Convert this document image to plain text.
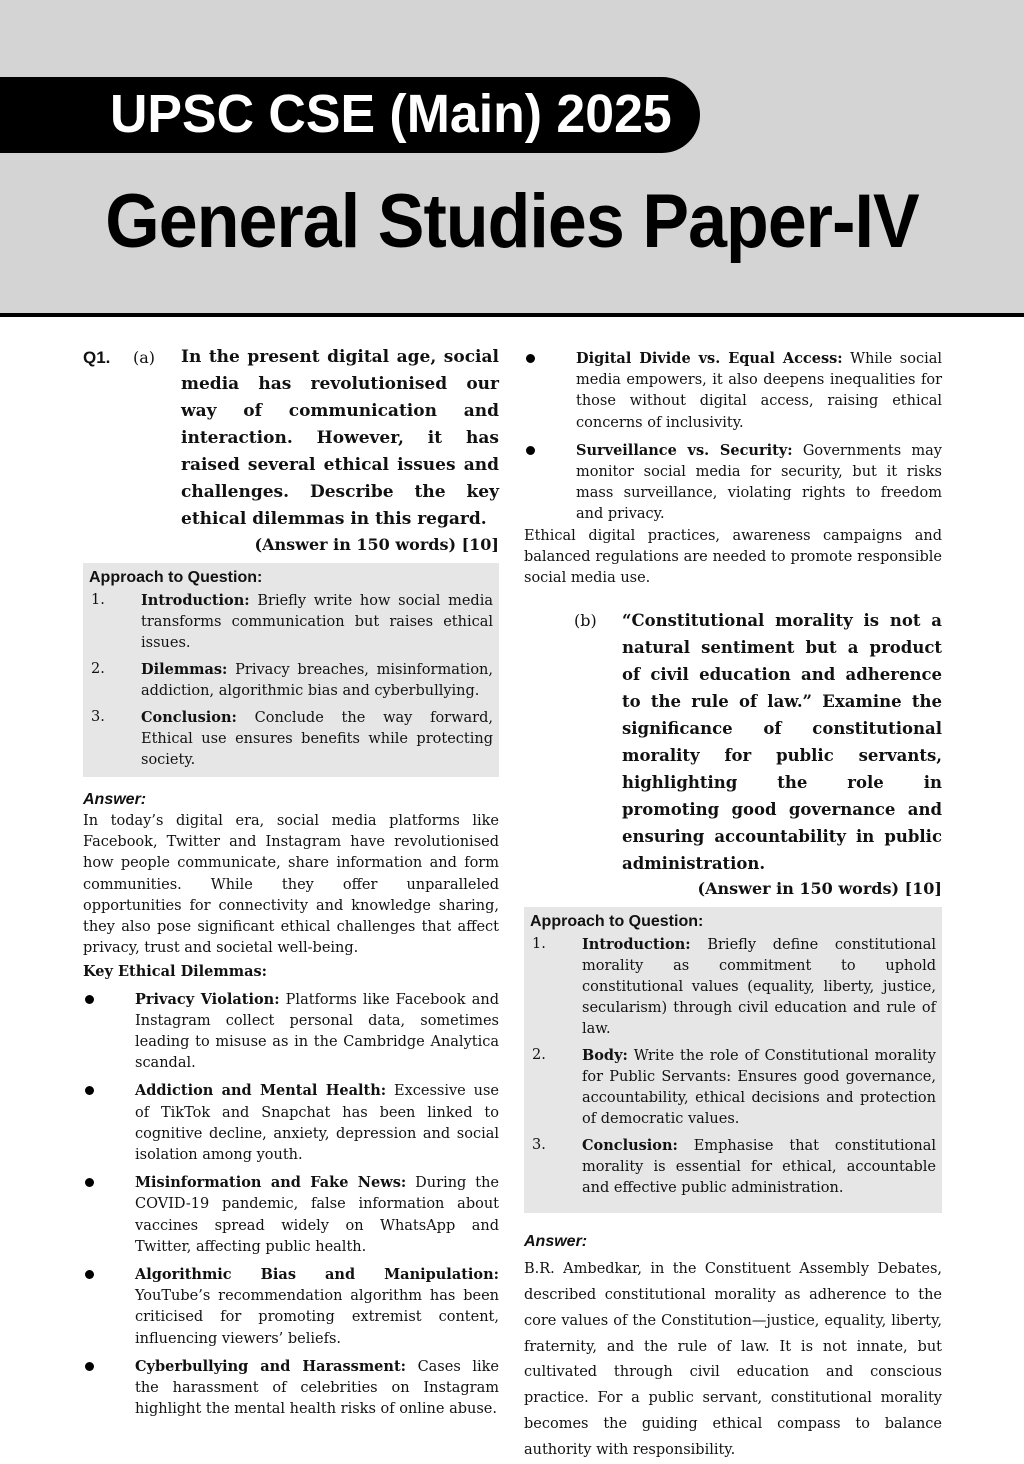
UPSC CSE (Main) 2025
General Studies Paper-IV
Q1. (a) In the present digital age, social media has revolutionised our way of communication and interaction. However, it has raised several ethical issues and challenges. Describe the key ethical dilemmas in this regard.
(Answer in 150 words) [10]
Approach to Question:
1. Introduction: Briefly write how social media transforms communication but raises ethical issues.
2. Dilemmas: Privacy breaches, misinformation, addiction, algorithmic bias and cyberbullying.
3. Conclusion: Conclude the way forward, Ethical use ensures benefits while protecting society.
Answer:

In today’s digital era, social media platforms like Facebook, Twitter and Instagram have revolutionised how people communicate, share information and form communities. While they offer unparalleled opportunities for connectivity and knowledge sharing, they also pose significant ethical challenges that affect privacy, trust and societal well-being.

Key Ethical Dilemmas:
Privacy Violation: Platforms like Facebook and Instagram collect personal data, sometimes leading to misuse as in the Cambridge Analytica scandal.
Addiction and Mental Health: Excessive use of TikTok and Snapchat has been linked to cognitive decline, anxiety, depression and social isolation among youth.
Misinformation and Fake News: During the COVID-19 pandemic, false information about vaccines spread widely on WhatsApp and Twitter, affecting public health.
Algorithmic Bias and Manipulation: YouTube’s recommendation algorithm has been criticised for promoting extremist content, influencing viewers’ beliefs.
Cyberbullying and Harassment: Cases like the harassment of celebrities on Instagram highlight the mental health risks of online abuse.
Digital Divide vs. Equal Access: While social media empowers, it also deepens inequalities for those without digital access, raising ethical concerns of inclusivity.
Surveillance vs. Security: Governments may monitor social media for security, but it risks mass surveillance, violating rights to freedom and privacy.

Ethical digital practices, awareness campaigns and balanced regulations are needed to promote responsible social media use.

(b) “Constitutional morality is not a natural sentiment but a product of civil education and adherence to the rule of law.” Examine the significance of constitutional morality for public servants, highlighting the role in promoting good governance and ensuring accountability in public administration.
(Answer in 150 words) [10]
Approach to Question:
1. Introduction: Briefly define constitutional morality as commitment to uphold constitutional values (equality, liberty, justice, secularism) through civil education and rule of law.
2. Body: Write the role of Constitutional morality for Public Servants: Ensures good governance, accountability, ethical decisions and protection of democratic values.
3. Conclusion: Emphasise that constitutional morality is essential for ethical, accountable and effective public administration.
Answer:

B.R. Ambedkar, in the Constituent Assembly Debates, described constitutional morality as adherence to the core values of the Constitution—justice, equality, liberty, fraternity, and the rule of law. It is not innate, but cultivated through civil education and conscious practice. For a public servant, constitutional morality becomes the guiding ethical compass to balance authority with responsibility.
